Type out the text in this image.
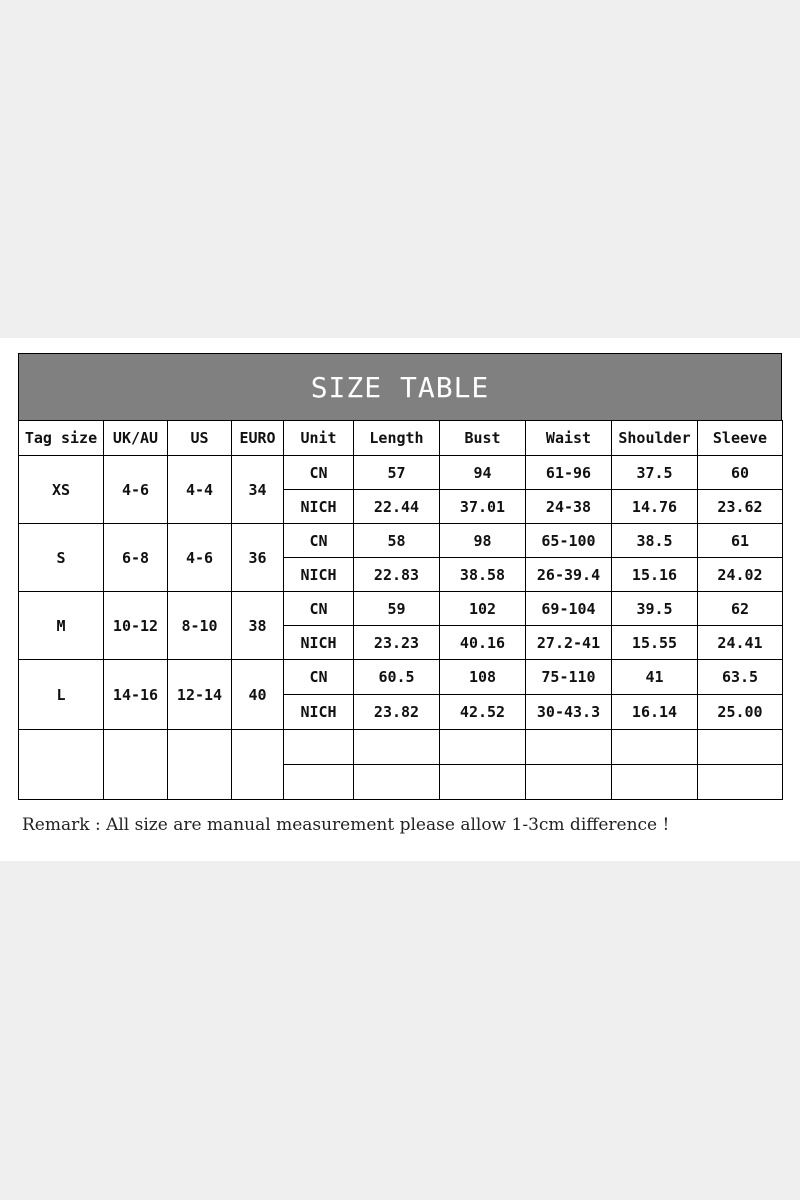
SIZE TABLE
Tag size	UK/AU	US	EURO	Unit	Length	Bust	Waist	Shoulder	Sleeve
XS	4-6	4-4	34	CN	57	94	61-96	37.5	60
				NICH	22.44	37.01	24-38	14.76	23.62
S	6-8	4-6	36	CN	58	98	65-100	38.5	61
				NICH	22.83	38.58	26-39.4	15.16	24.02
M	10-12	8-10	38	CN	59	102	69-104	39.5	62
				NICH	23.23	40.16	27.2-41	15.55	24.41
L	14-16	12-14	40	CN	60.5	108	75-110	41	63.5
				NICH	23.82	42.52	30-43.3	16.14	25.00

Remark : All size are manual measurement please allow 1-3cm difference !
